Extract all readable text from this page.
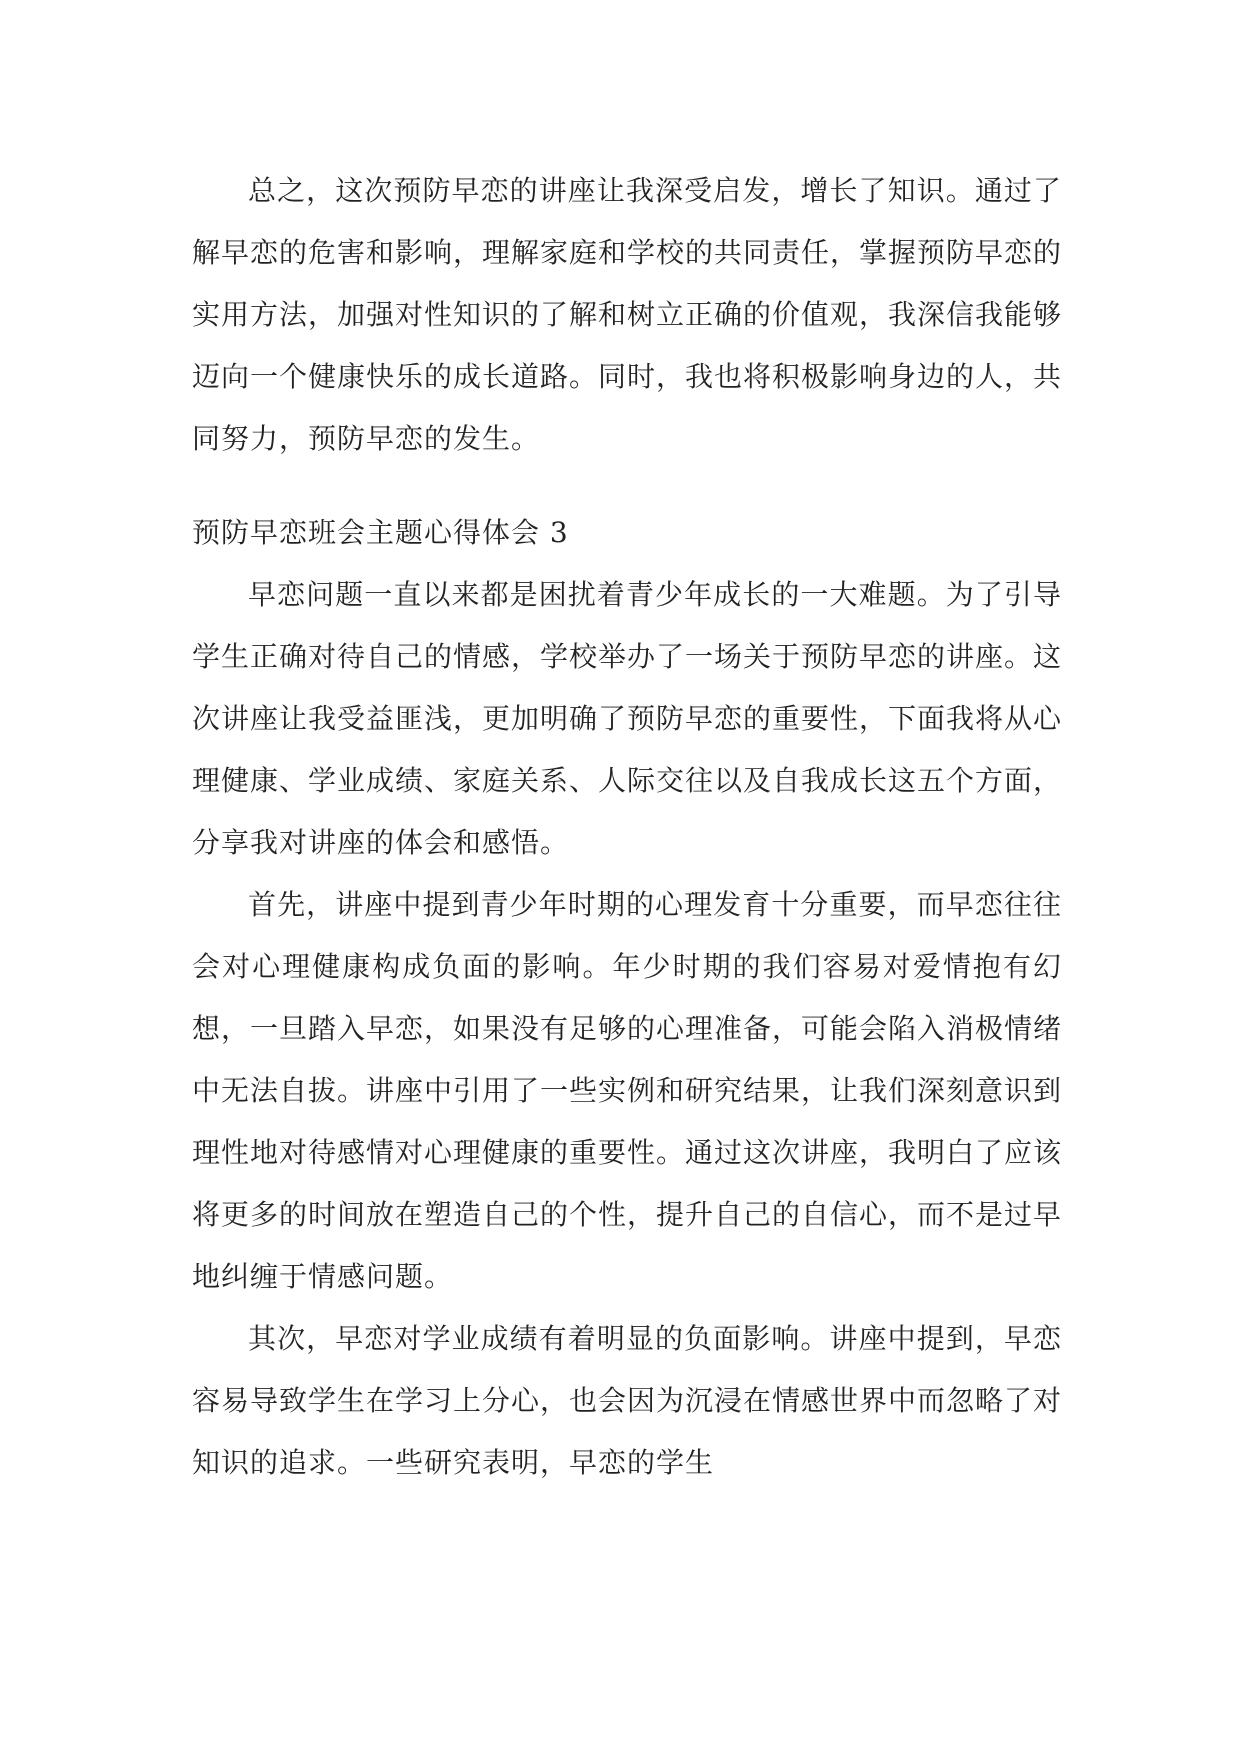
总之，这次预防早恋的讲座让我深受启发，增长了知识。通过了解早恋的危害和影响，理解家庭和学校的共同责任，掌握预防早恋的实用方法，加强对性知识的了解和树立正确的价值观，我深信我能够迈向一个健康快乐的成长道路。同时，我也将积极影响身边的人，共同努力，预防早恋的发生。

预防早恋班会主题心得体会 3

早恋问题一直以来都是困扰着青少年成长的一大难题。为了引导学生正确对待自己的情感，学校举办了一场关于预防早恋的讲座。这次讲座让我受益匪浅，更加明确了预防早恋的重要性，下面我将从心理健康、学业成绩、家庭关系、人际交往以及自我成长这五个方面，分享我对讲座的体会和感悟。

首先，讲座中提到青少年时期的心理发育十分重要，而早恋往往会对心理健康构成负面的影响。年少时期的我们容易对爱情抱有幻想，一旦踏入早恋，如果没有足够的心理准备，可能会陷入消极情绪中无法自拔。讲座中引用了一些实例和研究结果，让我们深刻意识到理性地对待感情对心理健康的重要性。通过这次讲座，我明白了应该将更多的时间放在塑造自己的个性，提升自己的自信心，而不是过早地纠缠于情感问题。

其次，早恋对学业成绩有着明显的负面影响。讲座中提到，早恋容易导致学生在学习上分心，也会因为沉浸在情感世界中而忽略了对知识的追求。一些研究表明，早恋的学生
